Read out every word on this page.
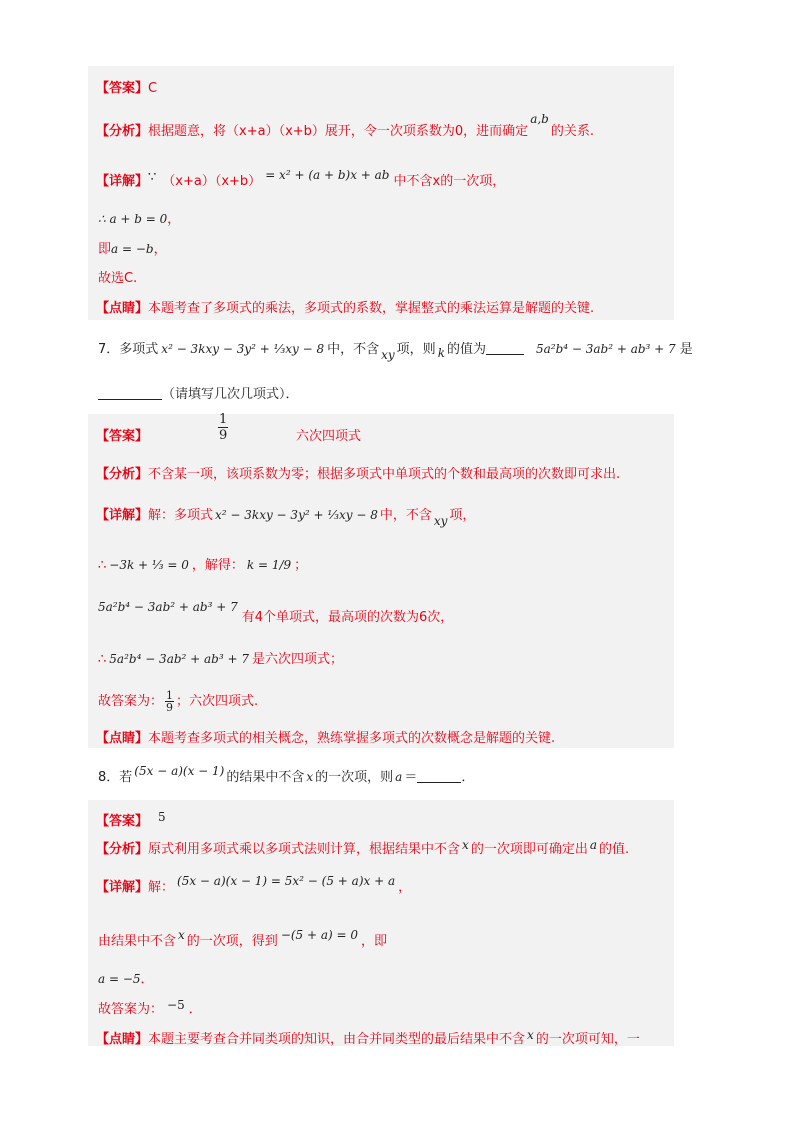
【答案】C
【分析】根据题意，将（x+a）（x+b）展开，令一次项系数为0，进而确定a,b的关系.
【详解】∵ （x+a）（x+b） = x² + (a + b)x + ab 中不含x的一次项，
∴ a + b = 0，
即a = −b，
故选C.
【点睛】本题考查了多项式的乘法，多项式的系数，掌握整式的乘法运算是解题的关键.
7．多项式 x² − 3kxy − 3y² + ⅓xy − 8 中，不含 xy 项，则 k 的值为	5a²b⁴ − 3ab² + ab³ + 7 是
（请填写几次几项式）．
【答案】	$\frac{1}{9}$	六次四项式
【分析】不含某一项，该项系数为零；根据多项式中单项式的个数和最高项的次数即可求出.
【详解】解：多项式 x² − 3kxy − 3y² + ⅓xy − 8 中，不含 xy 项，
∴ −3k + ⅓ = 0 ，解得： k = 1/9 ；
5a²b⁴ − 3ab² + ab³ + 7有4个单项式，最高项的次数为6次，
∴ 5a²b⁴ − 3ab² + ab³ + 7 是六次四项式；
故答案为： $\frac{1}{9}$ ；六次四项式.
【点睛】本题考查多项式的相关概念，熟练掌握多项式的次数概念是解题的关键.
8．若 (5x − a)(x − 1) 的结果中不含 x 的一次项，则 a ＝	．
【答案】 5
【分析】原式利用多项式乘以多项式法则计算，根据结果中不含 x 的一次项即可确定出 a 的值.
【详解】解： (5x − a)(x − 1) = 5x² − (5 + a)x + a ，
由结果中不含 x 的一次项，得到 −(5 + a) = 0 ，即
a = −5．
故答案为： −5 ．
【点睛】本题主要考查合并同类项的知识，由合并同类型的最后结果中不含 x 的一次项可知，一
